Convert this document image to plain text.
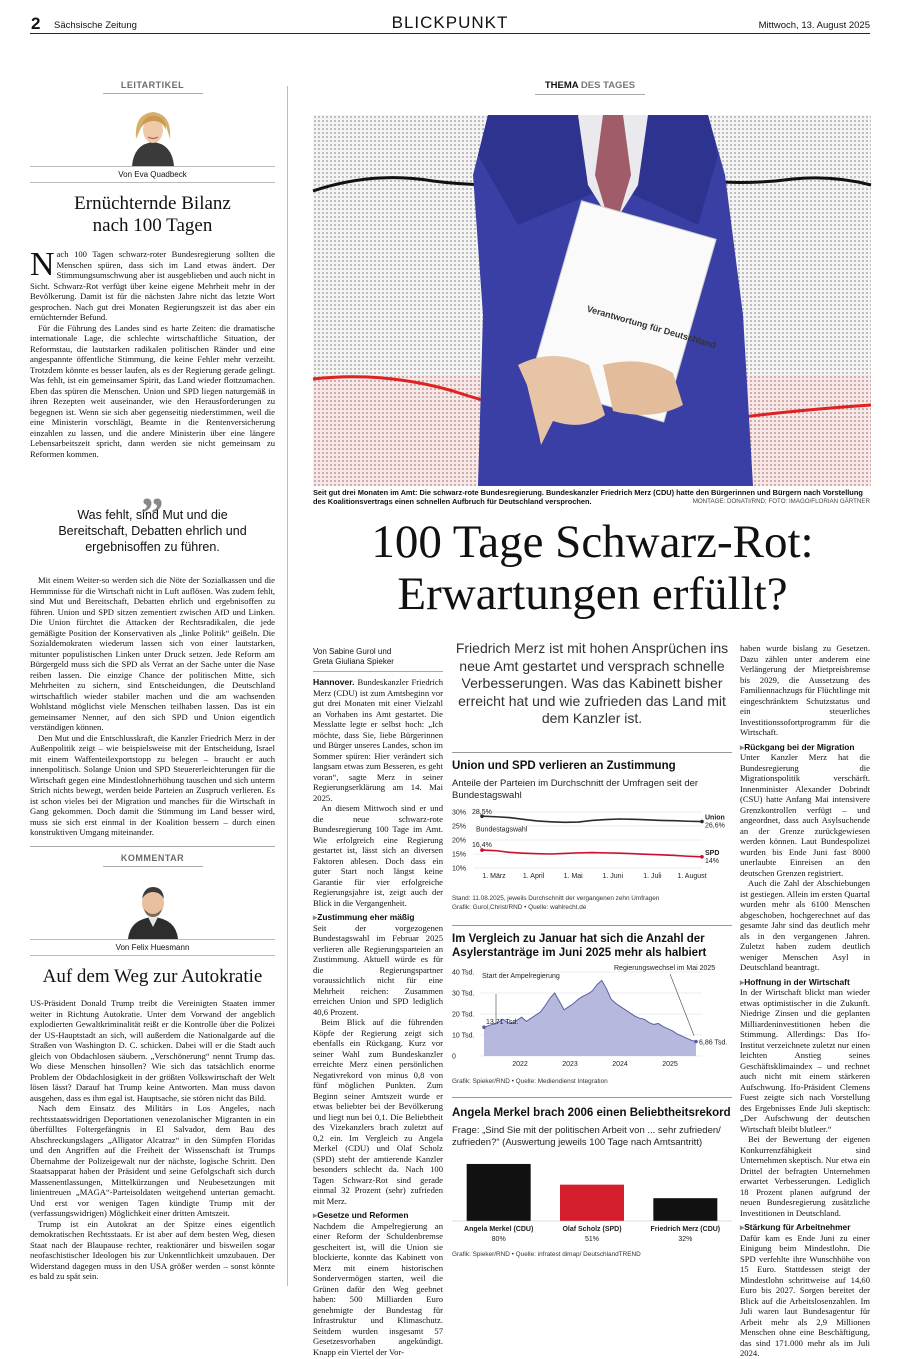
2 Sächsische Zeitung	BLICKPUNKT	Mittwoch, 13. August 2025
LEITARTIKEL
Von Eva Quadbeck
Ernüchternde Bilanz
nach 100 Tagen

Nach 100 Tagen schwarz-roter Bundesregierung sollten die Menschen spüren, dass sich im Land etwas ändert. Der Stimmungsumschwung aber ist ausgeblieben und auch nicht in Sicht. Schwarz-Rot verfügt über keine eigene Mehrheit mehr in der Bevölkerung. Damit ist für die nächsten Jahre nicht das letzte Wort gesprochen. Nach gut drei Monaten Regierungszeit ist das aber ein ernüchternder Befund.

Für die Führung des Landes sind es harte Zeiten: die dramatische internationale Lage, die schlechte wirtschaftliche Situation, der Reformstau, die lautstarken radikalen politischen Ränder und eine angespannte öffentliche Stimmung, die keine Fehler mehr verzeiht. Trotzdem könnte es besser laufen, als es der Regierung gerade gelingt. Was fehlt, ist ein gemeinsamer Spirit, das Land wieder flottzumachen. Eben das spüren die Menschen. Union und SPD liegen naturgemäß in ihren Rezepten weit auseinander, wie den Herausforderungen zu begegnen ist. Wenn sie sich aber gegenseitig niederstimmen, weil die eine Ministerin vorschlägt, Beamte in die Rentenversicherung einzahlen zu lassen, und die andere Ministerin über eine längere Lebensarbeitszeit spricht, dann werden sie nicht gemeinsam zu Reformen kommen.

„
Was fehlt, sind Mut und die Bereitschaft, Debatten ehrlich und ergebnisoffen zu führen.

Mit einem Weiter-so werden sich die Nöte der Sozialkassen und die Hemmnisse für die Wirtschaft nicht in Luft auflösen. Was zudem fehlt, sind Mut und Bereitschaft, Debatten ehrlich und ergebnisoffen zu führen. Union und SPD sitzen zementiert zwischen AfD und Linken. Die Union fürchtet die Attacken der Rechtsradikalen, die jede gemäßigte Position der Konservativen als „linke Politik“ geißeln. Die Sozialdemokraten wiederum lassen sich von einer lautstarken, mitunter populistischen Linken unter Druck setzen. Jede Reform am Bürgergeld muss sich die SPD als Verrat an der Sache unter die Nase reiben lassen. Die einzige Chance der politischen Mitte, sich Mehrheiten zu sichern, sind Entscheidungen, die Deutschland wirtschaftlich wieder stabiler machen und die am wachsenden Wohlstand möglichst viele Menschen teilhaben lassen. Das ist ein gemeinsamer Nenner, auf den sich SPD und Union eigentlich verständigen können.

Den Mut und die Entschlusskraft, die Kanzler Friedrich Merz in der Außenpolitik zeigt – wie beispielsweise mit der Entscheidung, Israel mit einem Waffenteilexportstopp zu belegen – braucht er auch innenpolitisch. Solange Union und SPD Steuererleichterungen für die Wirtschaft gegen eine Mindestlohnerhöhung tauschen und sich unterm Strich nichts bewegt, werden beide Parteien an Zuspruch verlieren. Es ist schon vieles bei der Migration und manches für die Wirtschaft in Gang gekommen. Doch damit die Stimmung im Land besser wird, muss sie sich erst einmal in der Koalition bessern – durch einen konstruktiven Umgang miteinander.

KOMMENTAR
Von Felix Huesmann
Auf dem Weg zur Autokratie

US-Präsident Donald Trump treibt die Vereinigten Staaten immer weiter in Richtung Autokratie. Unter dem Vorwand der angeblich explodierten Gewaltkriminalität reißt er die Kontrolle über die Polizei der US-Hauptstadt an sich, will außerdem die Nationalgarde auf die Straßen von Washington D. C. schicken. Dabei will er die Stadt auch gleich von Obdachlosen säubern. „Verschönerung“ nennt Trump das. Wo diese Menschen hinsollen? Wie sich das tatsächlich enorme Problem der Obdachlosigkeit in der größten Volkswirtschaft der Welt lösen lässt? Darauf hat Trump keine Antworten. Man muss davon ausgehen, dass es ihm egal ist. Hauptsache, sie stören nicht das Bild.

Nach dem Einsatz des Militärs in Los Angeles, nach rechtsstaatswidrigen Deportationen venezolanischer Migranten in ein überfülltes Foltergefängnis in El Salvador, dem Bau des Abschreckungslagers „Alligator Alcatraz“ in den Sümpfen Floridas und den Angriffen auf die Freiheit der Wissenschaft ist Trumps Übernahme der Polizeigewalt nur der nächste, logische Schritt. Den Staatsapparat haben der Präsident und seine Gefolgschaft sich durch Massenentlassungen, Mittelkürzungen und Neubesetzungen mit linientreuen „MAGA“-Parteisoldaten weitgehend untertan gemacht. Und erst vor wenigen Tagen kündigte Trump mit der (verfassungswidrigen) Möglichkeit einer dritten Amtszeit.

Trump ist ein Autokrat an der Spitze eines eigentlich demokratischen Rechtsstaats. Er ist aber auf dem besten Weg, diesen Staat nach der Blaupause rechter, reaktionärer und bisweilen sogar neofaschistischer Ideologen bis zur Unkenntlichkeit umzubauen. Der Widerstand dagegen muss in den USA größer werden – sonst könnte es bald zu spät sein.

THEMA DES TAGES
Verantwortung für Deutschland
Seit gut drei Monaten im Amt: Die schwarz-rote Bundesregierung. Bundeskanzler Friedrich Merz (CDU) hatte den Bürgerinnen und Bürgern nach Vorstellung des Koalitionsvertrags einen schnellen Aufbruch für Deutschland versprochen.	MONTAGE: DONATI/RND; FOTO: IMAGO/FLORIAN GÄRTNER
100 Tage Schwarz-Rot:
Erwartungen erfüllt?
Von Sabine Gurol und
Greta Giuliana Spieker

Hannover. Bundeskanzler Friedrich Merz (CDU) ist zum Amtsbeginn vor gut drei Monaten mit einer Vielzahl an Vorhaben ins Amt gestartet. Die Messlatte legte er selbst hoch: „Ich möchte, dass Sie, liebe Bürgerinnen und Bürger unseres Landes, schon im Sommer spüren: Hier verändert sich langsam etwas zum Besseren, es geht voran“, sagte Merz in seiner Regierungserklärung am 14. Mai 2025.

An diesem Mittwoch sind er und die neue schwarz-rote Bundesregierung 100 Tage im Amt. Wie erfolgreich eine Regierung gestartet ist, lässt sich an diversen Faktoren ablesen. Doch dass ein guter Start noch längst keine Garantie für vier erfolgreiche Regierungsjahre ist, zeigt auch der Blick in die Vergangenheit.

▸ Zustimmung eher mäßig

Seit der vorgezogenen Bundestagswahl im Februar 2025 verlieren alle Regierungsparteien an Zustimmung. Aktuell würde es für die Regierungspartner voraussichtlich nicht für eine Mehrheit reichen: Zusammen erreichen Union und SPD lediglich 40,6 Prozent.

Beim Blick auf die führenden Köpfe der Regierung zeigt sich ebenfalls ein Rückgang. Kurz vor seiner Wahl zum Bundeskanzler erreichte Merz einen persönlichen Negativrekord von minus 0,8 von fünf möglichen Punkten. Zum Beginn seiner Amtszeit wurde er etwas beliebter bei der Bevölkerung und liegt nun bei 0,1. Die Beliebtheit des Vizekanzlers brach zuletzt auf 0,2 ein. Im Vergleich zu Angela Merkel (CDU) und Olaf Scholz (SPD) steht der amtierende Kanzler besonders schlecht da. Nach 100 Tagen Schwarz-Rot sind gerade einmal 32 Prozent (sehr) zufrieden mit Merz.

▸ Gesetze und Reformen

Nachdem die Ampelregierung an einer Reform der Schuldenbremse gescheitert ist, will die Union sie blockierte, konnte das Kabinett von Merz mit einem historischen Sondervermögen starten, weil die Grünen dafür den Weg geebnet haben: 500 Milliarden Euro genehmigte der Bundestag für Infrastruktur und Klimaschutz. Seitdem wurden insgesamt 57 Gesetzesvorhaben angekündigt. Knapp ein Viertel der Vor-

Friedrich Merz ist mit hohen Ansprüchen ins neue Amt gestartet und versprach schnelle Verbesserungen. Was das Kabinett bisher erreicht hat und wie zufrieden das Land mit dem Kanzler ist.
Union und SPD verlieren an Zustimmung
Anteile der Parteien im Durchschnitt der Umfragen seit der Bundestagswahl
30%
25%
20%
15%
10%
1. März 1. April	1. Mai	1. Juni	1. Juli 1. August
Bundestagswahl
28,5%
Union
26,6%
16,4%
SPD
14%
Stand: 11.08.2025, jeweils Durchschnitt der vergangenen zehn Umfragen
Grafik: Gurol,Christ/RND • Quelle: wahlrecht.de
Im Vergleich zu Januar hat sich die Anzahl der Asylerstanträge im Juni 2025 mehr als halbiert
40 Tsd.
30 Tsd.
20 Tsd.
10 Tsd.
0
13,71 Tsd.
6,86 Tsd.
2022	2023	2024	2025
Start der Ampelregierung
Regierungswechsel im Mai 2025
Grafik: Spieker/RND • Quelle: Mediendienst Integration
Angela Merkel brach 2006 einen Beliebtheitsrekord
Frage: „Sind Sie mit der politischen Arbeit von ... sehr zufrieden/ zufrieden?“ (Auswertung jeweils 100 Tage nach Amtsantritt)
Angela Merkel (CDU)
80%
Olaf Scholz (SPD)
51%
Friedrich Merz (CDU)
32%
Grafik: Spieker/RND • Quelle: infratest dimap/ DeutschlandTREND

haben wurde bislang zu Gesetzen. Dazu zählen unter anderem eine Verlängerung der Mietpreisbremse bis 2029, die Aussetzung des Familiennachzugs für Flüchtlinge mit eingeschränktem Schutzstatus und ein steuerliches Investitionssofortprogramm für die Wirtschaft.

▸ Rückgang bei der Migration

Unter Kanzler Merz hat die Bundesregierung die Migrationspolitik verschärft. Innenminister Alexander Dobrindt (CSU) hatte Anfang Mai intensivere Grenzkontrollen verfügt – und angeordnet, dass auch Asylsuchende an der Grenze zurückgewiesen werden können. Laut Bundespolizei wurden bis Ende Juni fast 8000 unerlaubte Einreisen an den deutschen Grenzen registriert.

Auch die Zahl der Abschiebungen ist gestiegen. Allein im ersten Quartal wurden mehr als 6100 Menschen abgeschoben, hochgerechnet auf das gesamte Jahr sind das deutlich mehr als in den vergangenen Jahren. Zuletzt haben zudem deutlich weniger Menschen Asyl in Deutschland beantragt.

▸ Hoffnung in der Wirtschaft

In der Wirtschaft blickt man wieder etwas optimistischer in die Zukunft. Niedrige Zinsen und die geplanten Milliardeninvestitionen heben die Stimmung. Allerdings: Das Ifo-Institut verzeichnete zuletzt nur einen leichten Anstieg seines Geschäftsklimaindex – und rechnet auch nicht mit einem stärkeren Aufschwung. Ifo-Präsident Clemens Fuest zeigte sich nach Vorstellung des Ergebnisses Ende Juli skeptisch: „Der Aufschwung der deutschen Wirtschaft bleibt blutleer.“

Bei der Bewertung der eigenen Konkurrenzfähigkeit sind Unternehmen skeptisch. Nur etwa ein Drittel der befragten Unternehmen erwartet Verbesserungen. Lediglich 18 Prozent planen aufgrund der neuen Bundesregierung zusätzliche Investitionen in Deutschland.

▸ Stärkung für Arbeitnehmer

Dafür kam es Ende Juni zu einer Einigung beim Mindestlohn. Die SPD verfehlte ihre Wunschhöhe von 15 Euro. Stattdessen steigt der Mindestlohn schrittweise auf 14,60 Euro bis 2027. Sorgen bereitet der Blick auf die Arbeitslosenzahlen. Im Juli waren laut Bundesagentur für Arbeit mehr als 2,9 Millionen Menschen ohne eine Beschäftigung, das sind 171.000 mehr als im Juli 2024.
